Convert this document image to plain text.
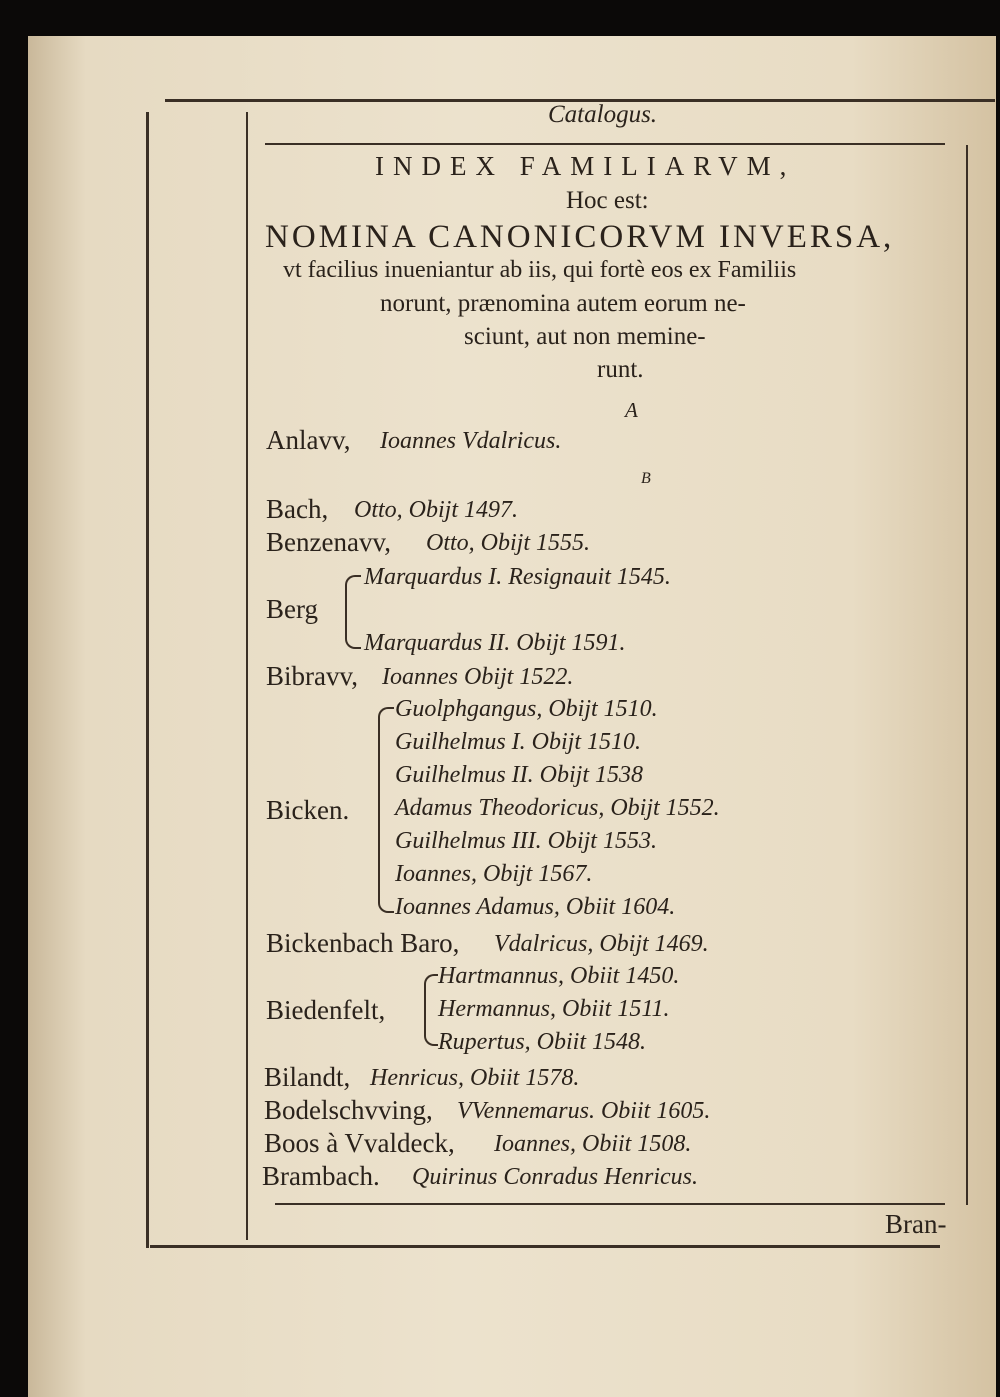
Catalogus.
INDEX FAMILIARVM,
Hoc est:
NOMINA CANONICORVM INVERSA,
vt facilius inueniantur ab iis, qui fortè eos ex Familiis
norunt, prænomina autem eorum ne-
sciunt, aut non memine-
runt.
A
Anlavv, Ioannes Vdalricus.
B
Bach, Otto, Obijt 1497.
Benzenavv, Otto, Obijt 1555.
Berg
Marquardus I. Resignauit 1545.
Marquardus II. Obijt 1591.
Bibravv, Ioannes Obijt 1522.
Bicken.
Guolphgangus, Obijt 1510.
Guilhelmus I. Obijt 1510.
Guilhelmus II. Obijt 1538
Adamus Theodoricus, Obijt 1552.
Guilhelmus III. Obijt 1553.
Ioannes, Obijt 1567.
Ioannes Adamus, Obiit 1604.
Bickenbach Baro, Vdalricus, Obijt 1469.
Biedenfelt,
Hartmannus, Obiit 1450.
Hermannus, Obiit 1511.
Rupertus, Obiit 1548.
Bilandt, Henricus, Obiit 1578.
Bodelschvving, VVennemarus. Obiit 1605.
Boos à Vvaldeck, Ioannes, Obiit 1508.
Brambach. Quirinus Conradus Henricus.
Bran-
